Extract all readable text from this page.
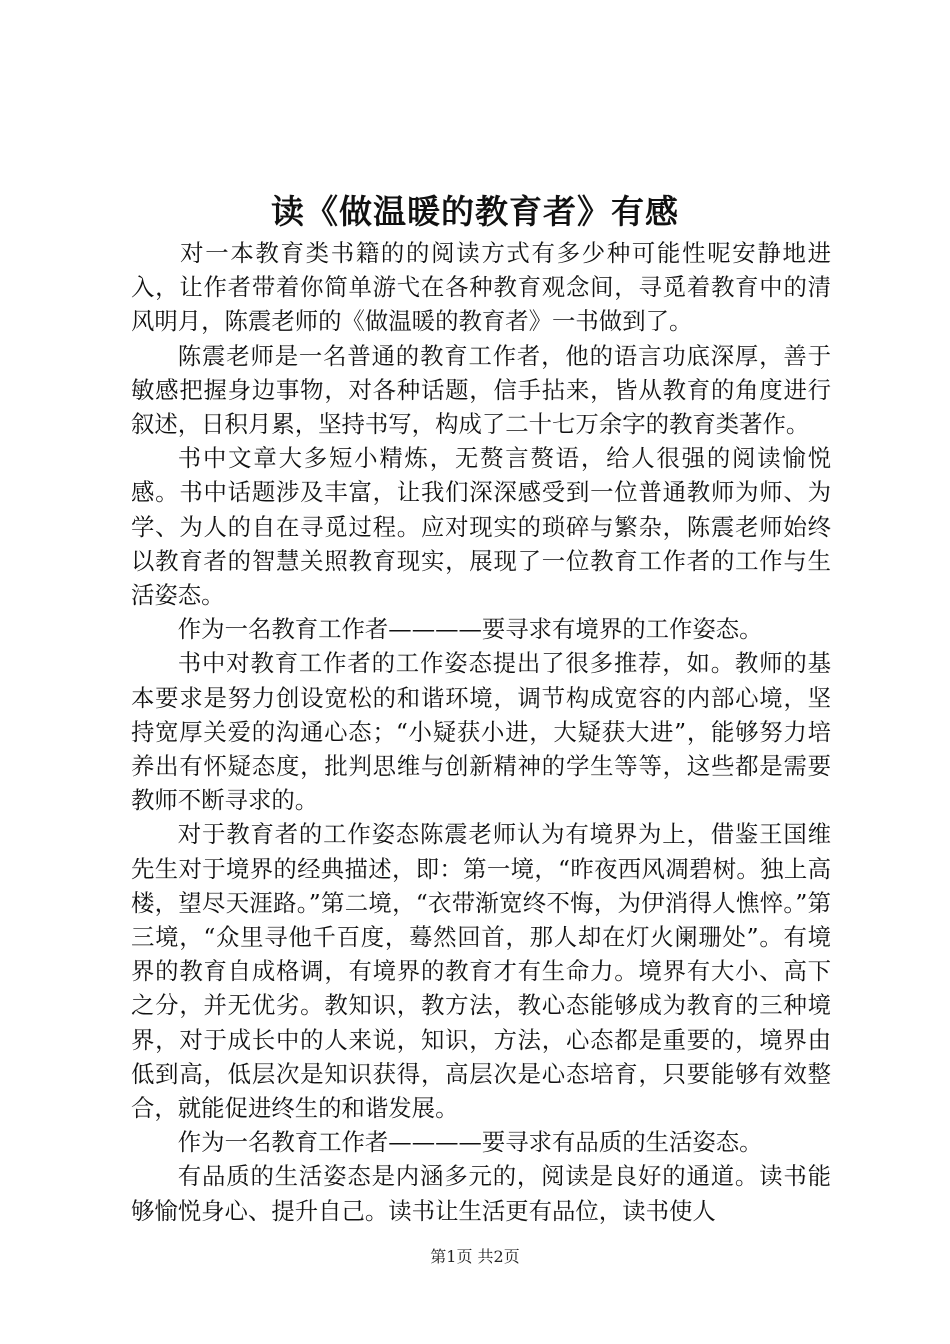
读《做温暖的教育者》有感

对一本教育类书籍的的阅读方式有多少种可能性呢安静地进入，让作者带着你简单游弋在各种教育观念间，寻觅着教育中的清风明月，陈震老师的《做温暖的教育者》一书做到了。

陈震老师是一名普通的教育工作者，他的语言功底深厚，善于敏感把握身边事物，对各种话题，信手拈来，皆从教育的角度进行叙述，日积月累，坚持书写，构成了二十七万余字的教育类著作。

书中文章大多短小精炼，无赘言赘语，给人很强的阅读愉悦感。书中话题涉及丰富，让我们深深感受到一位普通教师为师、为学、为人的自在寻觅过程。应对现实的琐碎与繁杂，陈震老师始终以教育者的智慧关照教育现实，展现了一位教育工作者的工作与生活姿态。

作为一名教育工作者————要寻求有境界的工作姿态。

书中对教育工作者的工作姿态提出了很多推荐，如。教师的基本要求是努力创设宽松的和谐环境，调节构成宽容的内部心境，坚持宽厚关爱的沟通心态；“小疑获小进，大疑获大进”，能够努力培养出有怀疑态度，批判思维与创新精神的学生等等，这些都是需要教师不断寻求的。

对于教育者的工作姿态陈震老师认为有境界为上，借鉴王国维先生对于境界的经典描述，即：第一境，“昨夜西风凋碧树。独上高楼，望尽天涯路。”第二境，“衣带渐宽终不悔，为伊消得人憔悴。”第三境，“众里寻他千百度，蓦然回首，那人却在灯火阑珊处”。有境界的教育自成格调，有境界的教育才有生命力。境界有大小、高下之分，并无优劣。教知识，教方法，教心态能够成为教育的三种境界，对于成长中的人来说，知识，方法，心态都是重要的，境界由低到高，低层次是知识获得，高层次是心态培育，只要能够有效整合，就能促进终生的和谐发展。

作为一名教育工作者————要寻求有品质的生活姿态。

有品质的生活姿态是内涵多元的，阅读是良好的通道。读书能够愉悦身心、提升自己。读书让生活更有品位，读书使人

第1页 共2页
